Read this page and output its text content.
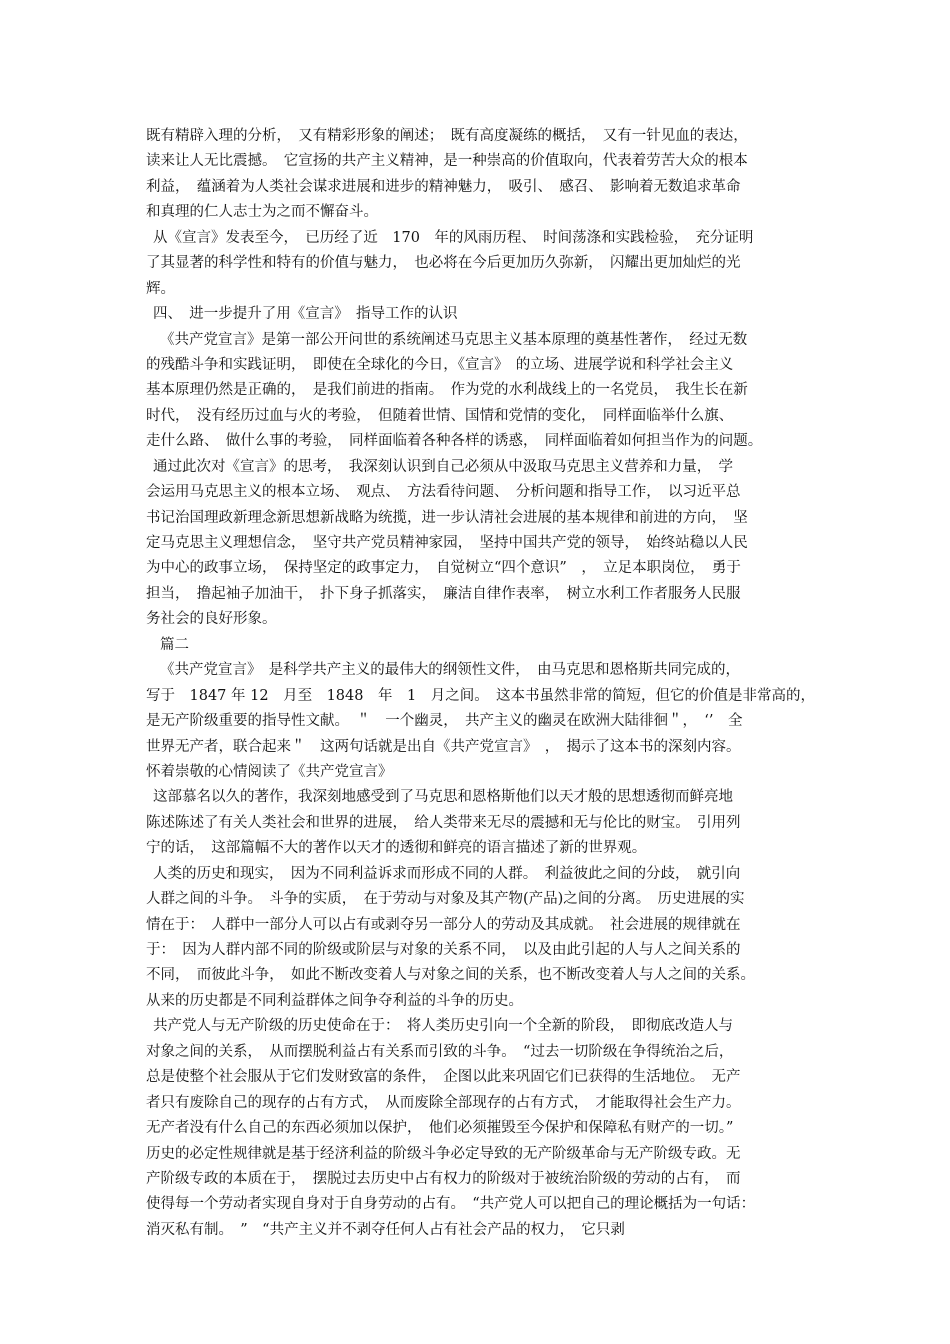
既有精辟入理的分析，　又有精彩形象的阐述；　既有高度凝练的概括，　又有一针见血的表达，
读来让人无比震撼。　它宣扬的共产主义精神，是一种崇高的价值取向，代表着劳苦大众的根本
利益，　蕴涵着为人类社会谋求进展和进步的精神魅力，　吸引、　感召、　影响着无数追求革命
和真理的仁人志士为之而不懈奋斗。
从《宣言》发表至今，　已历经了近　170　年的风雨历程、　时间荡涤和实践检验，　充分证明
了其显著的科学性和特有的价值与魅力，　也必将在今后更加历久弥新，　闪耀出更加灿烂的光
辉。
四、　进一步提升了用《宣言》　指导工作的认识
《共产党宣言》是第一部公开问世的系统阐述马克思主义基本原理的奠基性著作，　经过无数
的残酷斗争和实践证明，　即使在全球化的今日，《宣言》　的立场、进展学说和科学社会主义
基本原理仍然是正确的，　是我们前进的指南。　作为党的水利战线上的一名党员，　我生长在新
时代，　没有经历过血与火的考验，　但随着世情、国情和党情的变化，　同样面临举什么旗、
走什么路、　做什么事的考验，　同样面临着各种各样的诱惑，　同样面临着如何担当作为的问题。
通过此次对《宣言》的思考，　我深刻认识到自己必须从中汲取马克思主义营养和力量，　学
会运用马克思主义的根本立场、　观点、　方法看待问题、　分析问题和指导工作，　以习近平总
书记治国理政新理念新思想新战略为统揽，进一步认清社会进展的基本规律和前进的方向，　坚
定马克思主义理想信念，　坚守共产党员精神家园，　坚持中国共产党的领导，　始终站稳以人民
为中心的政事立场，　保持坚定的政事定力，　自觉树立“四个意识”　，　立足本职岗位，　勇于
担当，　撸起袖子加油干，　扑下身子抓落实，　廉洁自律作表率，　树立水利工作者服务人民服
务社会的良好形象。
篇二
《共产党宣言》　是科学共产主义的最伟大的纲领性文件，　由马克思和恩格斯共同完成的，
写于　1847 年 12　月至　1848　年　1　月之间。　这本书虽然非常的简短，但它的价值是非常高的，
是无产阶级重要的指导性文献。　＂　一个幽灵，　共产主义的幽灵在欧洲大陆徘徊＂，　‘’　全
世界无产者，联合起来＂　这两句话就是出自《共产党宣言》　，　揭示了这本书的深刻内容。
怀着崇敬的心情阅读了《共产党宣言》
这部慕名以久的著作，我深刻地感受到了马克思和恩格斯他们以天才般的思想透彻而鲜亮地
陈述陈述了有关人类社会和世界的进展，　给人类带来无尽的震撼和无与伦比的财宝。　引用列
宁的话，　这部篇幅不大的著作以天才的透彻和鲜亮的语言描述了新的世界观。
人类的历史和现实，　因为不同利益诉求而形成不同的人群。　利益彼此之间的分歧，　就引向
人群之间的斗争。　斗争的实质，　在于劳动与对象及其产物(产品)之间的分离。　历史进展的实
情在于：　人群中一部分人可以占有或剥夺另一部分人的劳动及其成就。　社会进展的规律就在
于：　因为人群内部不同的阶级或阶层与对象的关系不同，　以及由此引起的人与人之间关系的
不同，　而彼此斗争，　如此不断改变着人与对象之间的关系，也不断改变着人与人之间的关系。
从来的历史都是不同利益群体之间争夺利益的斗争的历史。
共产党人与无产阶级的历史使命在于：　将人类历史引向一个全新的阶段，　即彻底改造人与
对象之间的关系，　从而摆脱利益占有关系而引致的斗争。　“过去一切阶级在争得统治之后，
总是使整个社会服从于它们发财致富的条件，　企图以此来巩固它们已获得的生活地位。　无产
者只有废除自己的现存的占有方式，　从而废除全部现存的占有方式，　才能取得社会生产力。
无产者没有什么自己的东西必须加以保护，　他们必须摧毁至今保护和保障私有财产的一切。”
历史的必定性规律就是基于经济利益的阶级斗争必定导致的无产阶级革命与无产阶级专政。无
产阶级专政的本质在于，　摆脱过去历史中占有权力的阶级对于被统治阶级的劳动的占有，　而
使得每一个劳动者实现自身对于自身劳动的占有。　“共产党人可以把自己的理论概括为一句话：
消灭私有制。　”　“共产主义并不剥夺任何人占有社会产品的权力，　它只剥
